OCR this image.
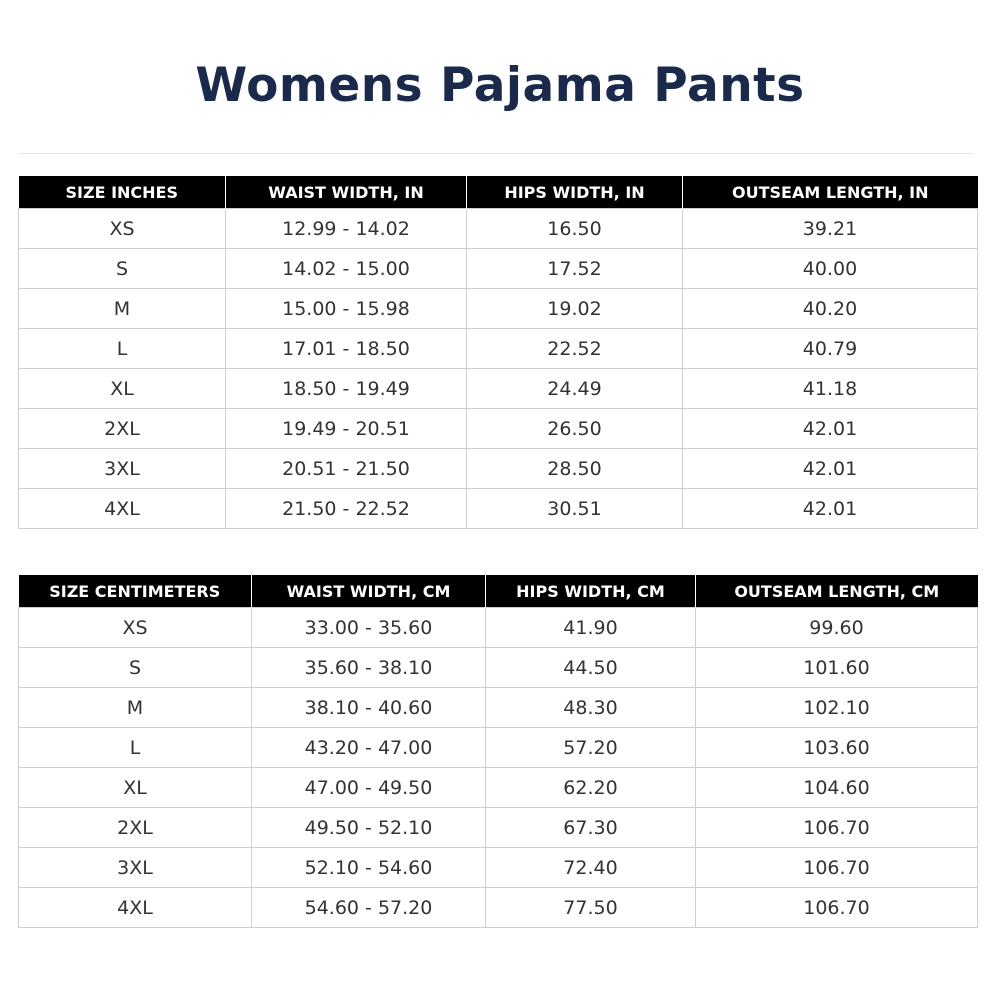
Womens Pajama Pants
SIZE INCHES	WAIST WIDTH, IN	HIPS WIDTH, IN	OUTSEAM LENGTH, IN
XS	12.99 - 14.02	16.50	39.21
S	14.02 - 15.00	17.52	40.00
M	15.00 - 15.98	19.02	40.20
L	17.01 - 18.50	22.52	40.79
XL	18.50 - 19.49	24.49	41.18
2XL	19.49 - 20.51	26.50	42.01
3XL	20.51 - 21.50	28.50	42.01
4XL	21.50 - 22.52	30.51	42.01
SIZE CENTIMETERS	WAIST WIDTH, CM	HIPS WIDTH, CM	OUTSEAM LENGTH, CM
XS	33.00 - 35.60	41.90	99.60
S	35.60 - 38.10	44.50	101.60
M	38.10 - 40.60	48.30	102.10
L	43.20 - 47.00	57.20	103.60
XL	47.00 - 49.50	62.20	104.60
2XL	49.50 - 52.10	67.30	106.70
3XL	52.10 - 54.60	72.40	106.70
4XL	54.60 - 57.20	77.50	106.70
